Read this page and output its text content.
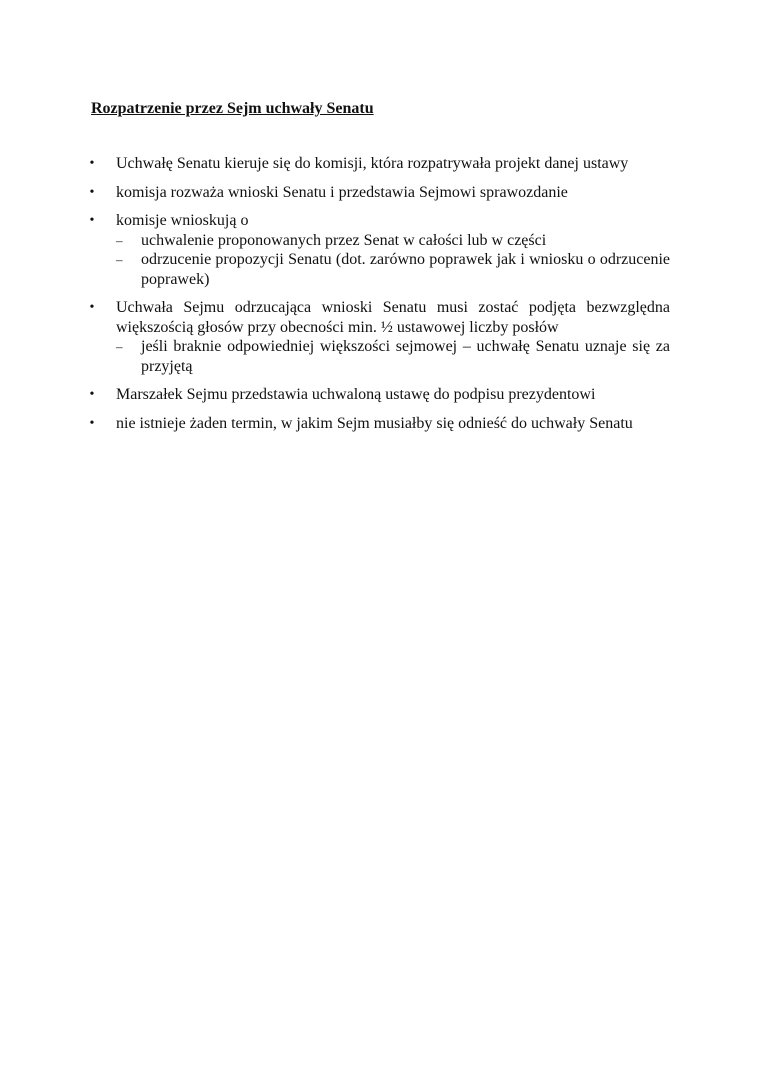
Rozpatrzenie przez Sejm uchwały Senatu
• Uchwałę Senatu kieruje się do komisji, która rozpatrywała projekt danej ustawy
• komisja rozważa wnioski Senatu i przedstawia Sejmowi sprawozdanie
• komisje wnioskują o
– uchwalenie proponowanych przez Senat w całości lub w części
– odrzucenie propozycji Senatu (dot. zarówno poprawek jak i wniosku o odrzucenie poprawek)
• Uchwała Sejmu odrzucająca wnioski Senatu musi zostać podjęta bezwzględna większością głosów przy obecności min. ½ ustawowej liczby posłów
– jeśli braknie odpowiedniej większości sejmowej – uchwałę Senatu uznaje się za przyjętą
• Marszałek Sejmu przedstawia uchwaloną ustawę do podpisu prezydentowi
• nie istnieje żaden termin, w jakim Sejm musiałby się odnieść do uchwały Senatu
